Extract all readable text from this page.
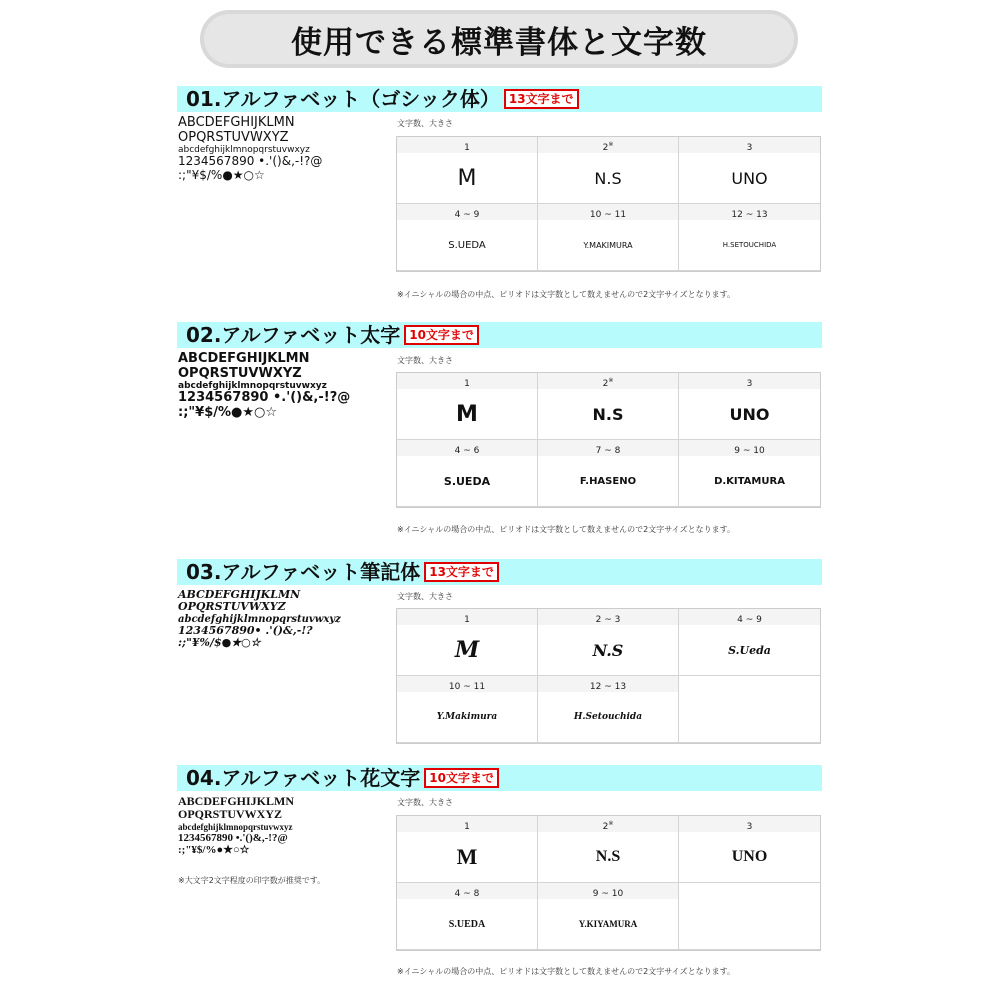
使用できる標準書体と文字数
01.アルファベット（ゴシック体） 13文字まで
ABCDEFGHIJKLMN
OPQRSTUVWXYZ
abcdefghijklmnopqrstuvwxyz
1234567890 •.'()&,-!?@
:;"¥$/%●★○☆
文字数、大きさ
1
M
2※
N.S
3
UNO
4 ~ 9
S.UEDA
10 ~ 11
Y.MAKIMURA
12 ~ 13
H.SETOUCHIDA
※イニシャルの場合の中点、ピリオドは文字数として数えませんので2文字サイズとなります。
02.アルファベット太字 10文字まで
ABCDEFGHIJKLMN
OPQRSTUVWXYZ
abcdefghijklmnopqrstuvwxyz
1234567890 •.'()&,-!?@
:;"¥$/%●★○☆
文字数、大きさ
1
M
2※
N.S
3
UNO
4 ~ 6
S.UEDA
7 ~ 8
F.HASENO
9 ~ 10
D.KITAMURA
※イニシャルの場合の中点、ピリオドは文字数として数えませんので2文字サイズとなります。
03.アルファベット筆記体 13文字まで
ABCDEFGHIJKLMN
OPQRSTUVWXYZ
abcdefghijklmnopqrstuvwxyz
1234567890• .'()&,-!?
:;"¥%/$●★○☆
文字数、大きさ
1
M
2 ~ 3
N.S
4 ~ 9
S.Ueda
10 ~ 11
Y.Makimura
12 ~ 13
H.Setouchida
04.アルファベット花文字 10文字まで
ABCDEFGHIJKLMN
OPQRSTUVWXYZ
abcdefghijklmnopqrstuvwxyz
1234567890 •.'()&,-!?@
:;"¥$/%●★○☆
※大文字2文字程度の印字数が推奨です。
文字数、大きさ
1
M
2※
N.S
3
UNO
4 ~ 8
S.UEDA
9 ~ 10
Y.KIYAMURA
※イニシャルの場合の中点、ピリオドは文字数として数えませんので2文字サイズとなります。
